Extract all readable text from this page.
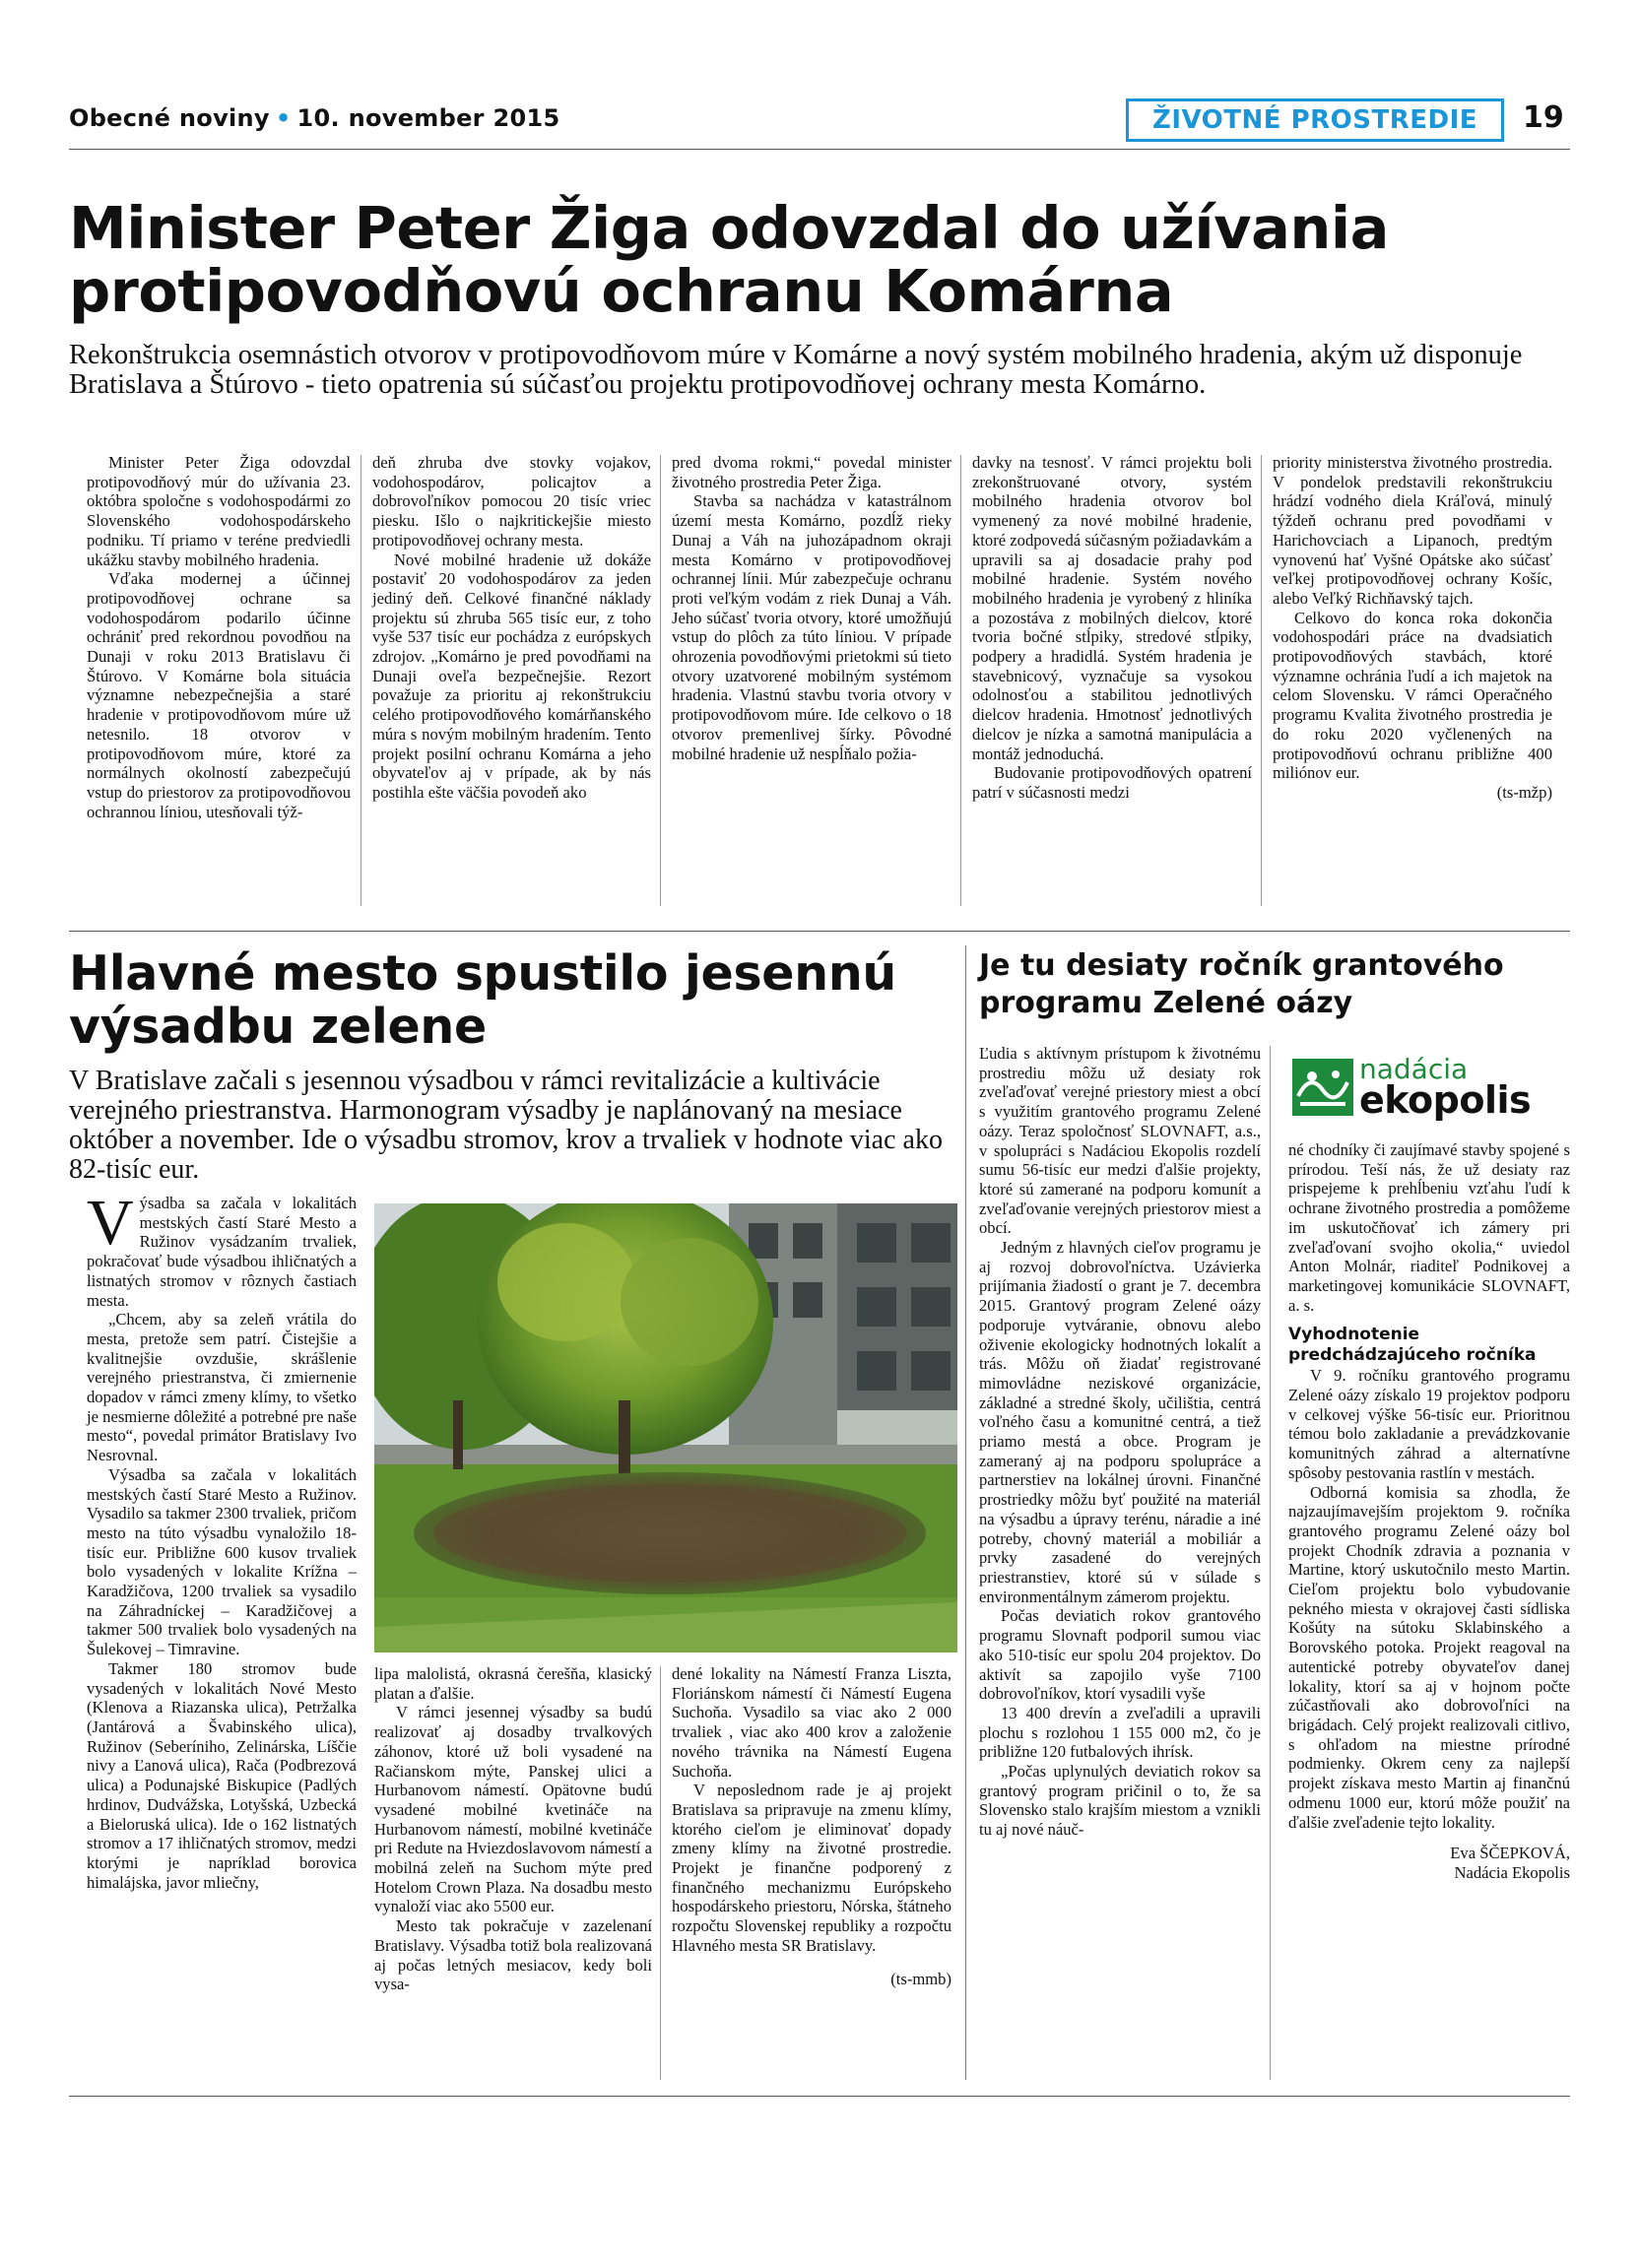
Obecné noviny • 10. november 2015	ŽIVOTNÉ PROSTREDIE	19
Minister Peter Žiga odovzdal do užívania
protipovodňovú ochranu Komárna
Rekonštrukcia osemnástich otvorov v protipovodňovom múre v Komárne a nový systém mobilného hradenia, akým už disponuje Bratislava a Štúrovo - tieto opatrenia sú súčasťou projektu protipovodňovej ochrany mesta Komárno.

Minister Peter Žiga odovzdal protipovodňový múr do užívania 23. októbra spoločne s vodohospodármi zo Slovenského vodohospodárskeho podniku. Tí priamo v teréne predviedli ukážku stavby mobilného hradenia.

Vďaka modernej a účinnej protipovodňovej ochrane sa vodohospodárom podarilo účinne ochrániť pred rekordnou povodňou na Dunaji v roku 2013 Bratislavu či Štúrovo. V Komárne bola situácia významne nebezpečnejšia a staré hradenie v protipovodňovom múre už netesnilo. 18 otvorov v protipovodňovom múre, ktoré za normálnych okolností zabezpečujú vstup do priestorov za protipovodňovou ochrannou líniou, utesňovali týž-

deň zhruba dve stovky vojakov, vodohospodárov, policajtov a dobrovoľníkov pomocou 20 tisíc vriec piesku. Išlo o najkritickejšie miesto protipovodňovej ochrany mesta.

Nové mobilné hradenie už dokáže postaviť 20 vodohospodárov za jeden jediný deň. Celkové finančné náklady projektu sú zhruba 565 tisíc eur, z toho vyše 537 tisíc eur pochádza z európskych zdrojov. „Komárno je pred povodňami na Dunaji oveľa bezpečnejšie. Rezort považuje za prioritu aj rekonštrukciu celého protipovodňového komárňanského múra s novým mobilným hradením. Tento projekt posilní ochranu Komárna a jeho obyvateľov aj v prípade, ak by nás postihla ešte väčšia povodeň ako

pred dvoma rokmi,“ povedal minister životného prostredia Peter Žiga.

Stavba sa nachádza v katastrálnom území mesta Komárno, pozdĺž rieky Dunaj a Váh na juhozápadnom okraji mesta Komárno v protipovodňovej ochrannej línii. Múr zabezpečuje ochranu proti veľkým vodám z riek Dunaj a Váh. Jeho súčasť tvoria otvory, ktoré umožňujú vstup do plôch za túto líniou. V prípade ohrozenia povodňovými prietokmi sú tieto otvory uzatvorené mobilným systémom hradenia. Vlastnú stavbu tvoria otvory v protipovodňovom múre. Ide celkovo o 18 otvorov premenlivej šírky. Pôvodné mobilné hradenie už nespĺňalo požia-

davky na tesnosť. V rámci projektu boli zrekonštruované otvory, systém mobilného hradenia otvorov bol vymenený za nové mobilné hradenie, ktoré zodpovedá súčasným požiadavkám a upravili sa aj dosadacie prahy pod mobilné hradenie. Systém nového mobilného hradenia je vyrobený z hliníka a pozostáva z mobilných dielcov, ktoré tvoria bočné stĺpiky, stredové stĺpiky, podpery a hradidlá. Systém hradenia je stavebnicový, vyznačuje sa vysokou odolnosťou a stabilitou jednotlivých dielcov hradenia. Hmotnosť jednotlivých dielcov je nízka a samotná manipulácia a montáž jednoduchá.

Budovanie protipovodňových opatrení patrí v súčasnosti medzi

priority ministerstva životného prostredia. V pondelok predstavili rekonštrukciu hrádzí vodného diela Kráľová, minulý týždeň ochranu pred povodňami v Harichovciach a Lipanoch, predtým vynovenú hať Vyšné Opátske ako súčasť veľkej protipovodňovej ochrany Košíc, alebo Veľký Richňavský tajch.

Celkovo do konca roka dokončia vodohospodári práce na dvadsiatich protipovodňových stavbách, ktoré významne ochránia ľudí a ich majetok na celom Slovensku. V rámci Operačného programu Kvalita životného prostredia je do roku 2020 vyčlenených na protipovodňovú ochranu približne 400 miliónov eur.

(ts-mžp)

Hlavné mesto spustilo jesennú
výsadbu zelene
V Bratislave začali s jesennou výsadbou v rámci revitalizácie a kultivácie verejného priestranstva. Harmonogram výsadby je naplánovaný na mesiace október a november. Ide o výsadbu stromov, krov a trvaliek v hodnote viac ako 82-tisíc eur.

Výsadba sa začala v lokalitách mestských častí Staré Mesto a Ružinov vysádzaním trvaliek, pokračovať bude výsadbou ihličnatých a listnatých stromov v rôznych častiach mesta.

„Chcem, aby sa zeleň vrátila do mesta, pretože sem patrí. Čistejšie a kvalitnejšie ovzdušie, skrášlenie verejného priestranstva, či zmiernenie dopadov v rámci zmeny klímy, to všetko je nesmierne dôležité a potrebné pre naše mesto“, povedal primátor Bratislavy Ivo Nesrovnal.

Výsadba sa začala v lokalitách mestských častí Staré Mesto a Ružinov. Vysadilo sa takmer 2300 trvaliek, pričom mesto na túto výsadbu vynaložilo 18-tisíc eur. Približne 600 kusov trvaliek bolo vysadených v lokalite Krížna – Karadžičova, 1200 trvaliek sa vysadilo na Záhradníckej – Karadžičovej a takmer 500 trvaliek bolo vysadených na Šulekovej – Timravine.

Takmer 180 stromov bude vysadených v lokalitách Nové Mesto (Klenova a Riazanska ulica), Petržalka (Jantárová a Švabinského ulica), Ružinov (Seberíniho, Zelinárska, Líščie nivy a Ľanová ulica), Rača (Podbrezová ulica) a Podunajské Biskupice (Padlých hrdinov, Dudvážska, Lotyšská, Uzbecká a Bieloruská ulica). Ide o 162 listnatých stromov a 17 ihličnatých stromov, medzi ktorými je napríklad borovica himalájska, javor mliečny,

lipa malolistá, okrasná čerešňa, klasický platan a ďalšie.

V rámci jesennej výsadby sa budú realizovať aj dosadby trvalkových záhonov, ktoré už boli vysadené na Račianskom mýte, Panskej ulici a Hurbanovom námestí. Opätovne budú vysadené mobilné kvetináče na Hurbanovom námestí, mobilné kvetináče pri Redute na Hviezdoslavovom námestí a mobilná zeleň na Suchom mýte pred Hotelom Crown Plaza. Na dosadbu mesto vynaloží viac ako 5500 eur.

Mesto tak pokračuje v zazelenaní Bratislavy. Výsadba totiž bola realizovaná aj počas letných mesiacov, kedy boli vysa-

dené lokality na Námestí Franza Liszta, Floriánskom námestí či Námestí Eugena Suchoňa. Vysadilo sa viac ako 2 000 trvaliek , viac ako 400 krov a založenie nového trávnika na Námestí Eugena Suchoňa.

V neposlednom rade je aj projekt Bratislava sa pripravuje na zmenu klímy, ktorého cieľom je eliminovať dopady zmeny klímy na životné prostredie. Projekt je finančne podporený z finančného mechanizmu Európskeho hospodárskeho priestoru, Nórska, štátneho rozpočtu Slovenskej republiky a rozpočtu Hlavného mesta SR Bratislavy.

(ts-mmb)

Je tu desiaty ročník grantového
programu Zelené oázy
nadácia
ekopolis

Ľudia s aktívnym prístupom k životnému prostrediu môžu už desiaty rok zveľaďovať verejné priestory miest a obcí s využitím grantového programu Zelené oázy. Teraz spoločnosť SLOVNAFT, a.s., v spolupráci s Nadáciou Ekopolis rozdelí sumu 56-tisíc eur medzi ďalšie projekty, ktoré sú zamerané na podporu komunít a zveľaďovanie verejných priestorov miest a obcí.

Jedným z hlavných cieľov programu je aj rozvoj dobrovoľníctva. Uzávierka prijímania žiadostí o grant je 7. decembra 2015. Grantový program Zelené oázy podporuje vytváranie, obnovu alebo oživenie ekologicky hodnotných lokalít a trás. Môžu oň žiadať registrované mimovládne neziskové organizácie, základné a stredné školy, učilištia, centrá voľného času a komunitné centrá, a tiež priamo mestá a obce. Program je zameraný aj na podporu spolupráce a partnerstiev na lokálnej úrovni. Finančné prostriedky môžu byť použité na materiál na výsadbu a úpravy terénu, náradie a iné potreby, chovný materiál a mobiliár a prvky zasadené do verejných priestranstiev, ktoré sú v súlade s environmentálnym zámerom projektu.

Počas deviatich rokov grantového programu Slovnaft podporil sumou viac ako 510-tisíc eur spolu 204 projektov. Do aktivít sa zapojilo vyše 7100 dobrovoľníkov, ktorí vysadili vyše

13 400 drevín a zveľadili a upravili plochu s rozlohou 1 155 000 m2, čo je približne 120 futbalových ihrísk.

„Počas uplynulých deviatich rokov sa grantový program pričinil o to, že sa Slovensko stalo krajším miestom a vznikli tu aj nové náuč-

né chodníky či zaujímavé stavby spojené s prírodou. Teší nás, že už desiaty raz prispejeme k prehĺbeniu vzťahu ľudí k ochrane životného prostredia a pomôžeme im uskutočňovať ich zámery pri zveľaďovaní svojho okolia,“ uviedol Anton Molnár, riaditeľ Podnikovej a marketingovej komunikácie SLOVNAFT, a. s.

Vyhodnotenie
predchádzajúceho ročníka

V 9. ročníku grantového programu Zelené oázy získalo 19 projektov podporu v celkovej výške 56-tisíc eur. Prioritnou témou bolo zakladanie a prevádzkovanie komunitných záhrad a alternatívne spôsoby pestovania rastlín v mestách.

Odborná komisia sa zhodla, že najzaujímavejším projektom 9. ročníka grantového programu Zelené oázy bol projekt Chodník zdravia a poznania v Martine, ktorý uskutočnilo mesto Martin. Cieľom projektu bolo vybudovanie pekného miesta v okrajovej časti sídliska Košúty na sútoku Sklabinského a Borovského potoka. Projekt reagoval na autentické potreby obyvateľov danej lokality, ktorí sa aj v hojnom počte zúčastňovali ako dobrovoľníci na brigádach. Celý projekt realizovali citlivo, s ohľadom na miestne prírodné podmienky. Okrem ceny za najlepší projekt získava mesto Martin aj finančnú odmenu 1000 eur, ktorú môže použiť na ďalšie zveľadenie tejto lokality.

Eva ŠČEPKOVÁ,

Nadácia Ekopolis
